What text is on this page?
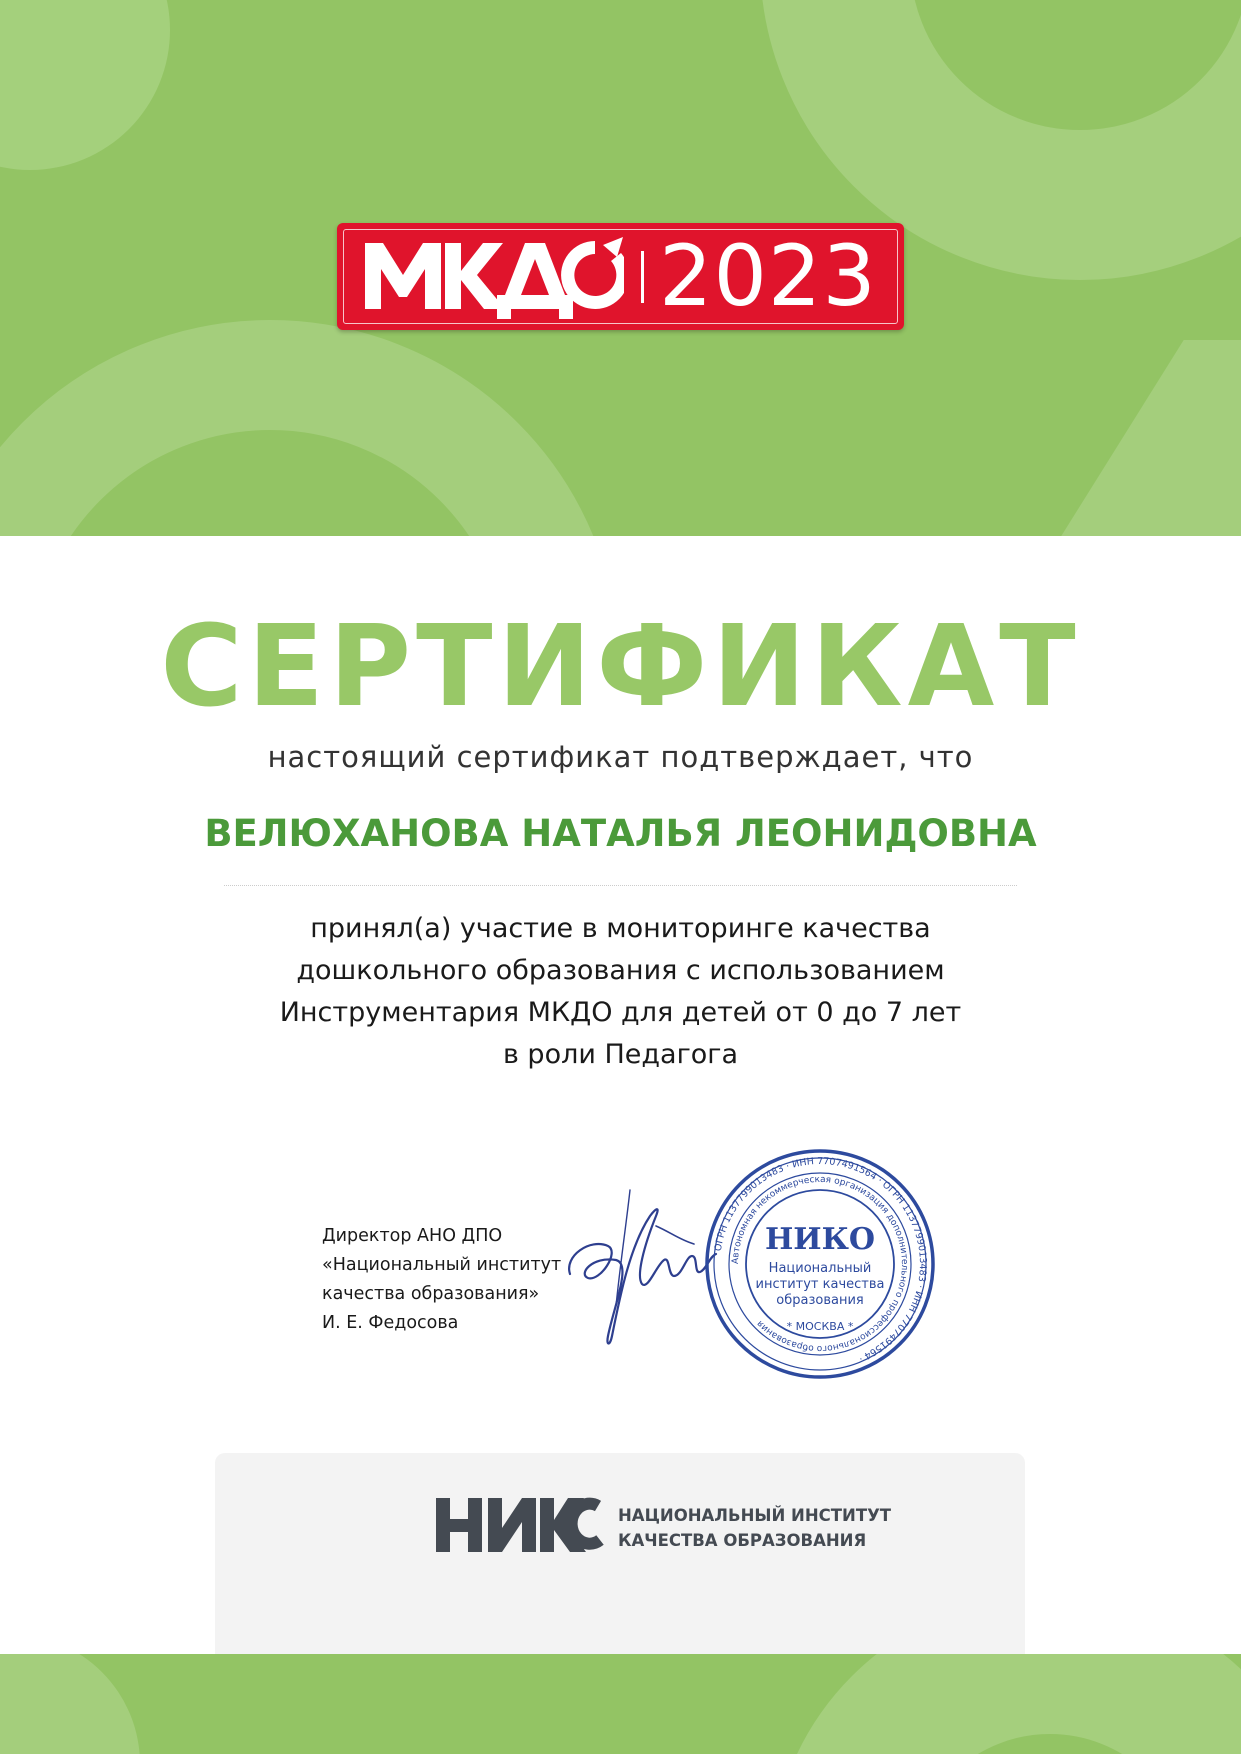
2023
СЕРТИФИКАТ
настоящий сертификат подтверждает, что
ВЕЛЮХАНОВА НАТАЛЬЯ ЛЕОНИДОВНА
принял(а) участие в мониторинге качества
дошкольного образования с использованием
Инструментария МКДО для детей от 0 до 7 лет
в роли Педагога
Директор АНО ДПО
«Национальный институт
качества образования»
И. Е. Федосова
ОГРН 1137799013483 · ИНН 7707491564 · ОГРН 1137799013483 · ИНН 7707491564 ·
Автономная некоммерческая организация дополнительного профессионального образования
НИКО
Национальный
институт качества
образования
* МОСКВА *
НАЦИОНАЛЬНЫЙ ИНСТИТУТ
КАЧЕСТВА ОБРАЗОВАНИЯ
